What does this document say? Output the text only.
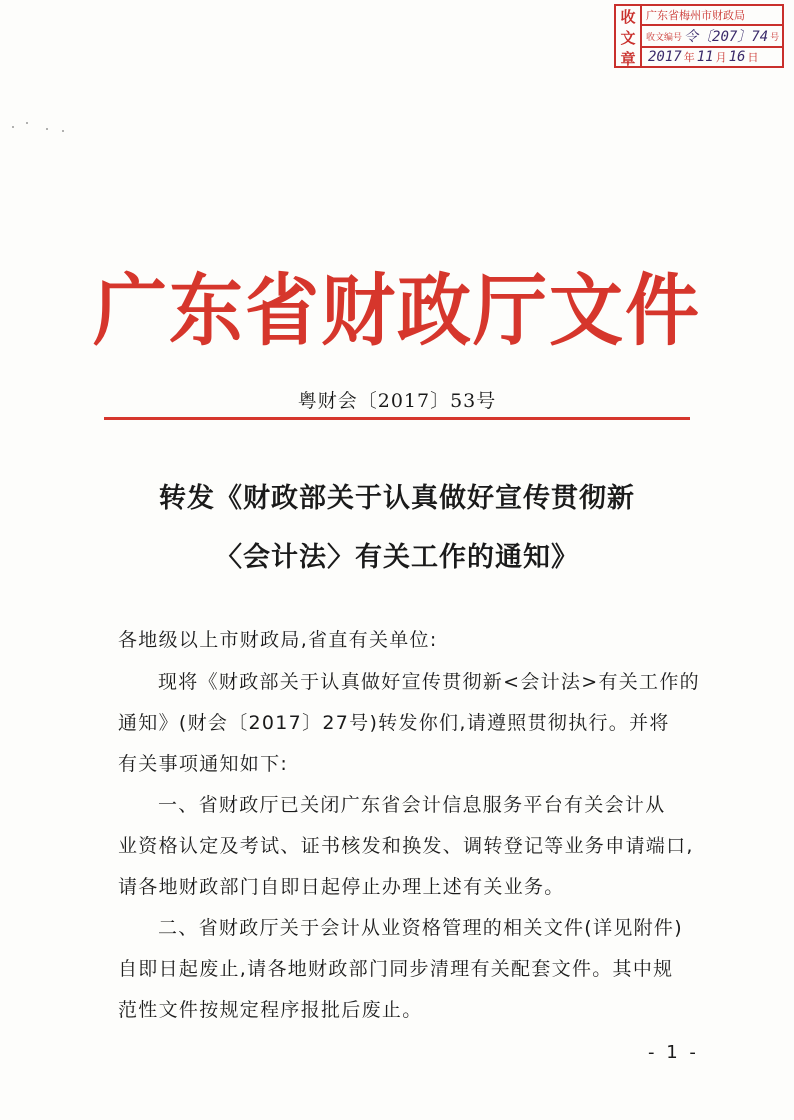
收
文
章
广东省梅州市财政局
收文编号 令〔207〕74 号
2017 年 11 月 16 日
广东省财政厅文件
粤财会〔2017〕53号
转发《财政部关于认真做好宣传贯彻新
〈会计法〉有关工作的通知》
各地级以上市财政局,省直有关单位:
现将《财政部关于认真做好宣传贯彻新<会计法>有关工作的
通知》(财会〔2017〕27号)转发你们,请遵照贯彻执行。并将
有关事项通知如下:
一、省财政厅已关闭广东省会计信息服务平台有关会计从
业资格认定及考试、证书核发和换发、调转登记等业务申请端口,
请各地财政部门自即日起停止办理上述有关业务。
二、省财政厅关于会计从业资格管理的相关文件(详见附件)
自即日起废止,请各地财政部门同步清理有关配套文件。其中规
范性文件按规定程序报批后废止。
- 1 -
